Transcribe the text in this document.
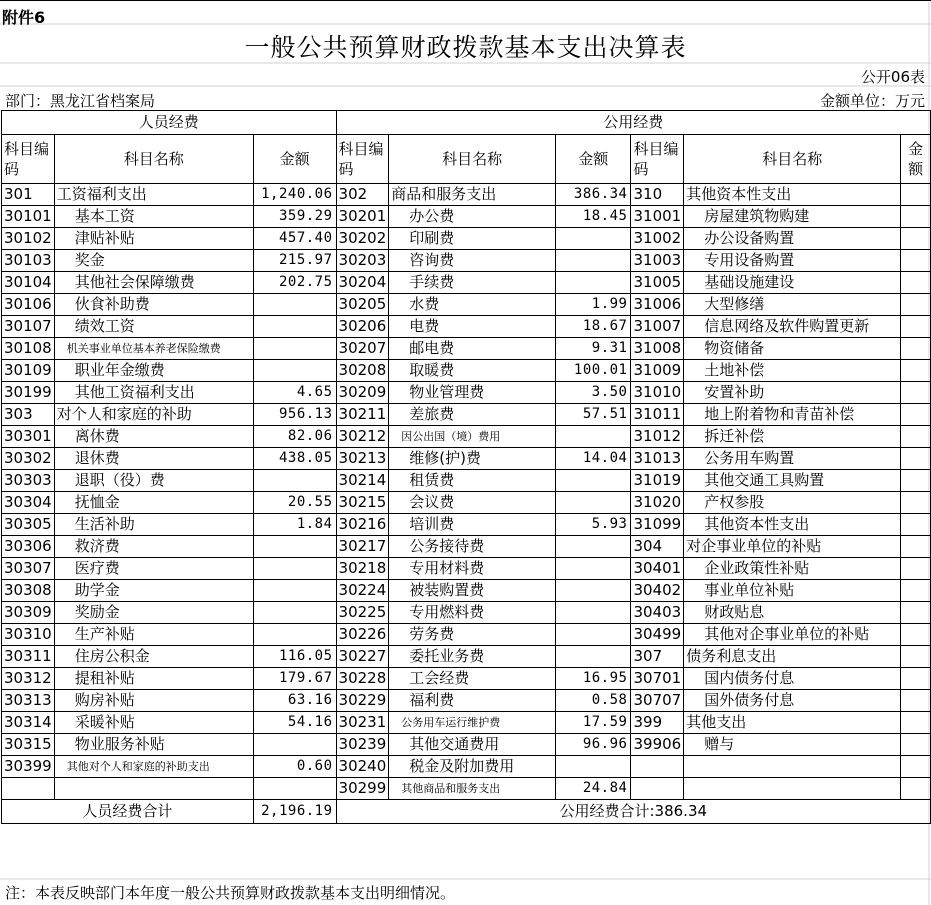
附件6
一般公共预算财政拨款基本支出决算表
公开06表
部门：黑龙江省档案局	金额单位：万元
人员经费			公用经费					
科目编码	科目名称	金额	科目编码	科目名称	金额	科目编码	科目名称	金额
301	工资福利支出	1,240.06	302	商品和服务支出	386.34	310	其他资本性支出	
30101	基本工资	359.29	30201	办公费	18.45	31001	房屋建筑物购建	
30102	津贴补贴	457.40	30202	印刷费		31002	办公设备购置	
30103	奖金	215.97	30203	咨询费		31003	专用设备购置	
30104	其他社会保障缴费	202.75	30204	手续费		31005	基础设施建设	
30106	伙食补助费		30205	水费	1.99	31006	大型修缮	
30107	绩效工资		30206	电费	18.67	31007	信息网络及软件购置更新	
30108	机关事业单位基本养老保险缴费		30207	邮电费	9.31	31008	物资储备	
30109	职业年金缴费		30208	取暖费	100.01	31009	土地补偿	
30199	其他工资福利支出	4.65	30209	物业管理费	3.50	31010	安置补助	
303	对个人和家庭的补助	956.13	30211	差旅费	57.51	31011	地上附着物和青苗补偿	
30301	离休费	82.06	30212	因公出国（境）费用		31012	拆迁补偿	
30302	退休费	438.05	30213	维修(护)费	14.04	31013	公务用车购置	
30303	退职（役）费		30214	租赁费		31019	其他交通工具购置	
30304	抚恤金	20.55	30215	会议费		31020	产权参股	
30305	生活补助	1.84	30216	培训费	5.93	31099	其他资本性支出	
30306	救济费		30217	公务接待费		304	对企事业单位的补贴	
30307	医疗费		30218	专用材料费		30401	企业政策性补贴	
30308	助学金		30224	被装购置费		30402	事业单位补贴	
30309	奖励金		30225	专用燃料费		30403	财政贴息	
30310	生产补贴		30226	劳务费		30499	其他对企事业单位的补贴	
30311	住房公积金	116.05	30227	委托业务费		307	债务利息支出	
30312	提租补贴	179.67	30228	工会经费	16.95	30701	国内债务付息	
30313	购房补贴	63.16	30229	福利费	0.58	30707	国外债务付息	
30314	采暖补贴	54.16	30231	公务用车运行维护费	17.59	399	其他支出	
30315	物业服务补贴		30239	其他交通费用	96.96	39906	赠与	
30399	其他对个人和家庭的补助支出	0.60	30240	税金及附加费用				
			30299	其他商品和服务支出	24.84			
人员经费合计		2,196.19	公用经费合计:386.34					
注：本表反映部门本年度一般公共预算财政拨款基本支出明细情况。
